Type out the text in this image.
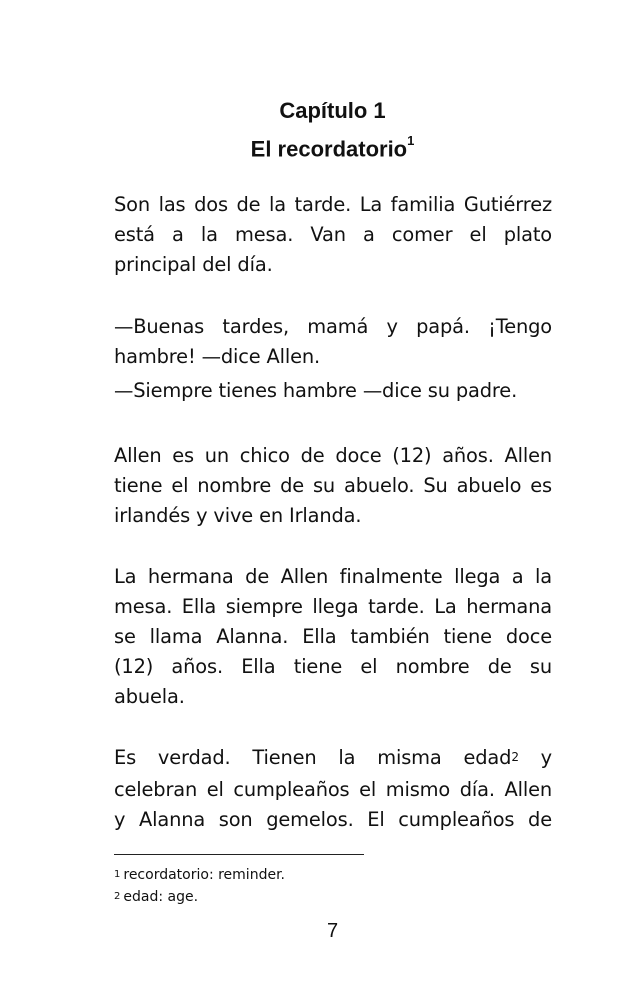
Capítulo 1
El recordatorio$^1$
Son las dos de la tarde. La familia Gutiérrez
está a la mesa. Van a comer el plato
principal del día.
—Buenas tardes, mamá y papá. ¡Tengo
hambre! —dice Allen.
—Siempre tienes hambre —dice su padre.
Allen es un chico de doce (12) años. Allen
tiene el nombre de su abuelo. Su abuelo es
irlandés y vive en Irlanda.
La hermana de Allen finalmente llega a la
mesa. Ella siempre llega tarde. La hermana
se llama Alanna. Ella también tiene doce
(12) años. Ella tiene el nombre de su
abuela.
Es verdad. Tienen la misma edad$^2$ y
celebran el cumpleaños el mismo día. Allen
y Alanna son gemelos. El cumpleaños de
$^1$ recordatorio: reminder.
$^2$ edad: age.
7
